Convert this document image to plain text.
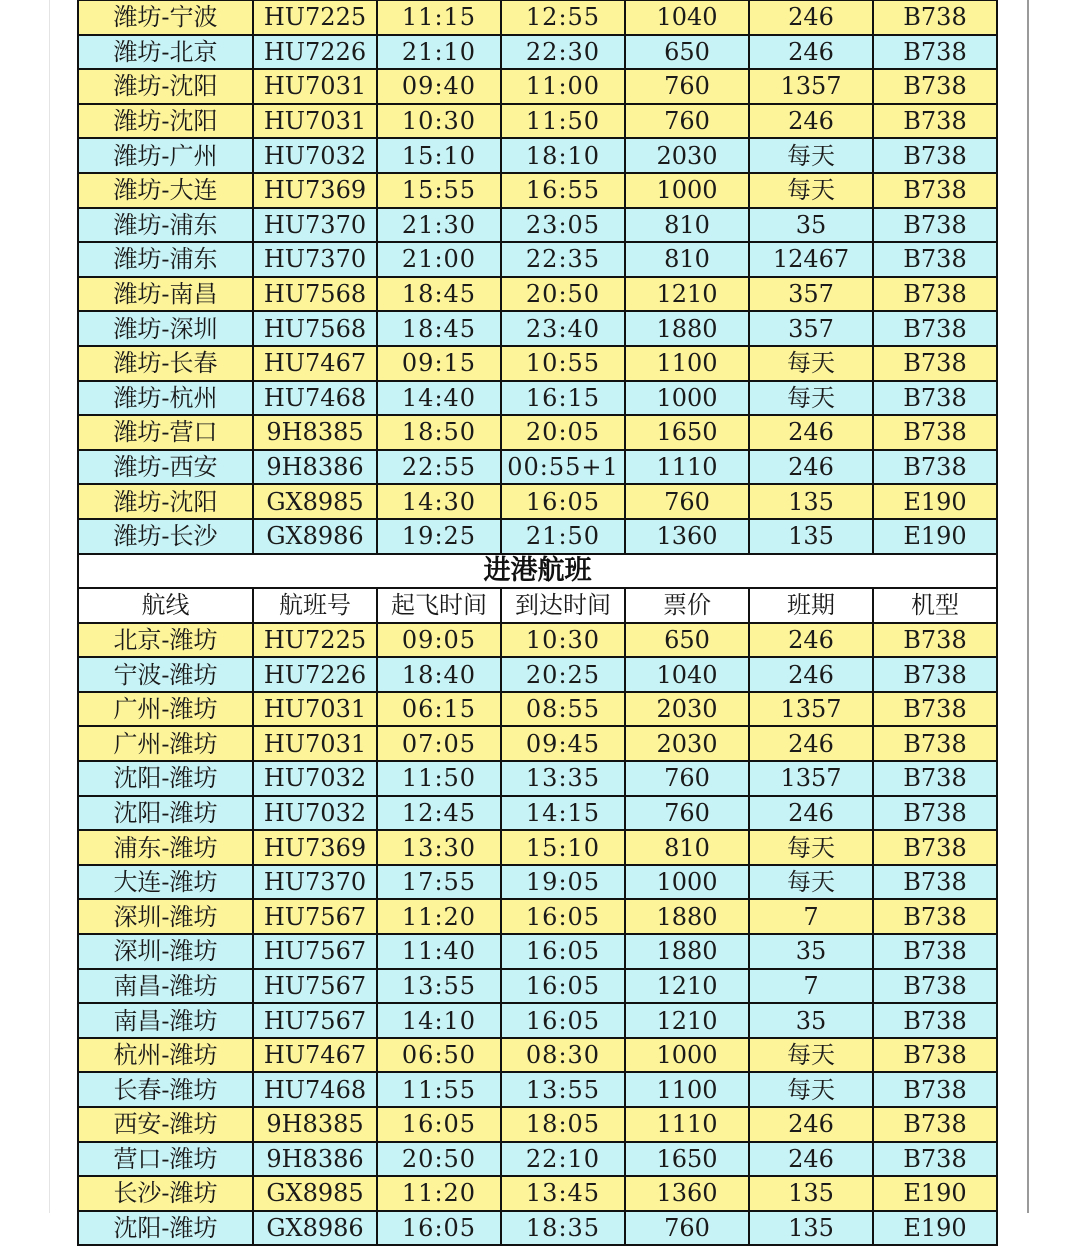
潍坊-宁波	HU7225	11:15	12:55	1040	246	B738
潍坊-北京	HU7226	21:10	22:30	650	246	B738
潍坊-沈阳	HU7031	09:40	11:00	760	1357	B738
潍坊-沈阳	HU7031	10:30	11:50	760	246	B738
潍坊-广州	HU7032	15:10	18:10	2030	每天	B738
潍坊-大连	HU7369	15:55	16:55	1000	每天	B738
潍坊-浦东	HU7370	21:30	23:05	810	35	B738
潍坊-浦东	HU7370	21:00	22:35	810	12467	B738
潍坊-南昌	HU7568	18:45	20:50	1210	357	B738
潍坊-深圳	HU7568	18:45	23:40	1880	357	B738
潍坊-长春	HU7467	09:15	10:55	1100	每天	B738
潍坊-杭州	HU7468	14:40	16:15	1000	每天	B738
潍坊-营口	9H8385	18:50	20:05	1650	246	B738
潍坊-西安	9H8386	22:55	00:55+1	1110	246	B738
潍坊-沈阳	GX8985	14:30	16:05	760	135	E190
潍坊-长沙	GX8986	19:25	21:50	1360	135	E190
进港航班						
航线	航班号	起飞时间	到达时间	票价	班期	机型
北京-潍坊	HU7225	09:05	10:30	650	246	B738
宁波-潍坊	HU7226	18:40	20:25	1040	246	B738
广州-潍坊	HU7031	06:15	08:55	2030	1357	B738
广州-潍坊	HU7031	07:05	09:45	2030	246	B738
沈阳-潍坊	HU7032	11:50	13:35	760	1357	B738
沈阳-潍坊	HU7032	12:45	14:15	760	246	B738
浦东-潍坊	HU7369	13:30	15:10	810	每天	B738
大连-潍坊	HU7370	17:55	19:05	1000	每天	B738
深圳-潍坊	HU7567	11:20	16:05	1880	7	B738
深圳-潍坊	HU7567	11:40	16:05	1880	35	B738
南昌-潍坊	HU7567	13:55	16:05	1210	7	B738
南昌-潍坊	HU7567	14:10	16:05	1210	35	B738
杭州-潍坊	HU7467	06:50	08:30	1000	每天	B738
长春-潍坊	HU7468	11:55	13:55	1100	每天	B738
西安-潍坊	9H8385	16:05	18:05	1110	246	B738
营口-潍坊	9H8386	20:50	22:10	1650	246	B738
长沙-潍坊	GX8985	11:20	13:45	1360	135	E190
沈阳-潍坊	GX8986	16:05	18:35	760	135	E190
